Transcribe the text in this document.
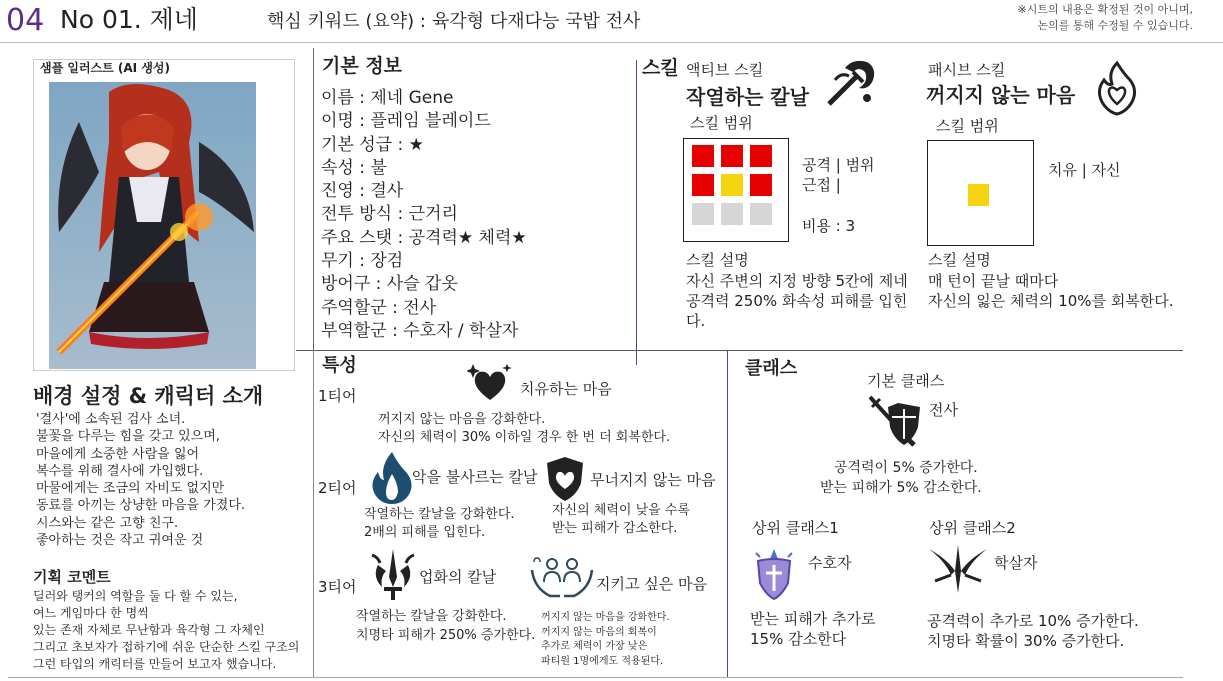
04 No 01. 제네	핵심 키워드 (요약) : 육각형 다재다능 국밥 전사
※시트의 내용은 확정된 것이 아니며,
논의를 통해 수정될 수 있습니다.
샘플 일러스트 (AI 생성)	기본 정보
이름 : 제네 Gene
이명 : 플레임 블레이드
기본 성급 : ★
속성 : 불
진영 : 결사
전투 방식 : 근거리
주요 스탯 : 공격력★ 체력★
무기 : 장검
방어구 : 사슬 갑옷
주역할군 : 전사
부역할군 : 수호자 / 학살자
스킬 액티브 스킬
작열하는 칼날
스킬 범위
공격 | 범위
근접 |
비용 : 3
스킬 설명
자신 주변의 지정 방향 5칸에 제네
공격력 250% 화속성 피해를 입힌
다.
패시브 스킬
꺼지지 않는 마음
스킬 범위
치유 | 자신
스킬 설명
매 턴이 끝날 때마다
자신의 잃은 체력의 10%를 회복한다.
배경 설정 & 캐릭터 소개
'결사'에 소속된 검사 소녀.
불꽃을 다루는 힘을 갖고 있으며,
마을에게 소중한 사람을 잃어
복수를 위해 결사에 가입했다.
마물에게는 조금의 자비도 없지만
동료를 아끼는 상냥한 마음을 가졌다.
시스와는 같은 고향 친구.
좋아하는 것은 작고 귀여운 것
기획 코멘트
딜러와 탱커의 역할을 둘 다 할 수 있는,
여느 게임마다 한 명씩
있는 존재 자체로 무난함과 육각형 그 자체인
그리고 초보자가 접하기에 쉬운 단순한 스킬 구조의
그런 타입의 캐릭터를 만들어 보고자 했습니다.
특성
1티어	치유하는 마음
꺼지지 않는 마음을 강화한다.
자신의 체력이 30% 이하일 경우 한 번 더 회복한다.
2티어
악을 불사르는 칼날
작열하는 칼날을 강화한다.
2배의 피해를 입힌다.
무너지지 않는 마음
자신의 체력이 낮을 수록
받는 피해가 감소한다.
3티어
업화의 칼날
작열하는 칼날을 강화한다.
치명타 피해가 250% 증가한다.
지키고 싶은 마음
꺼지지 않는 마음을 강화한다.
꺼지지 않는 마음의 회복이
추가로 체력이 가장 낮은
파티원 1명에게도 적용된다.
클래스
기본 클래스
전사
공격력이 5% 증가한다.
받는 피해가 5% 감소한다.
상위 클래스1
수호자
받는 피해가 추가로
15% 감소한다
상위 클래스2
학살자
공격력이 추가로 10% 증가한다.
치명타 확률이 30% 증가한다.
